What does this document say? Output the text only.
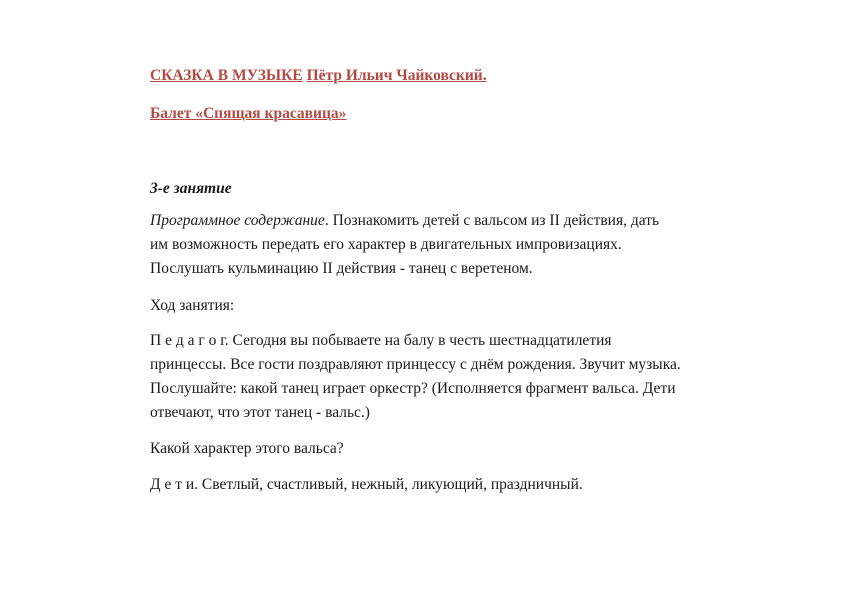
СКАЗКА В МУЗЫКЕ Пётр Ильич Чайковский.
Балет «Спящая красавица»

3-е занятие

Программное содержание. Познакомить детей с вальсом из II действия, дать
им возможность передать его характер в двигательных импровизациях.
Послушать кульминацию II действия - танец с веретеном.

Ход занятия:

П е д а г о г. Сегодня вы побываете на балу в честь шестнадцатилетия
принцессы. Все гости поздравляют принцессу с днём рождения. Звучит музыка.
Послушайте: какой танец играет оркестр? (Исполняется фрагмент вальса. Дети
отвечают, что этот танец - вальс.)

Какой характер этого вальса?

Д е т и. Светлый, счастливый, нежный, ликующий, праздничный.
